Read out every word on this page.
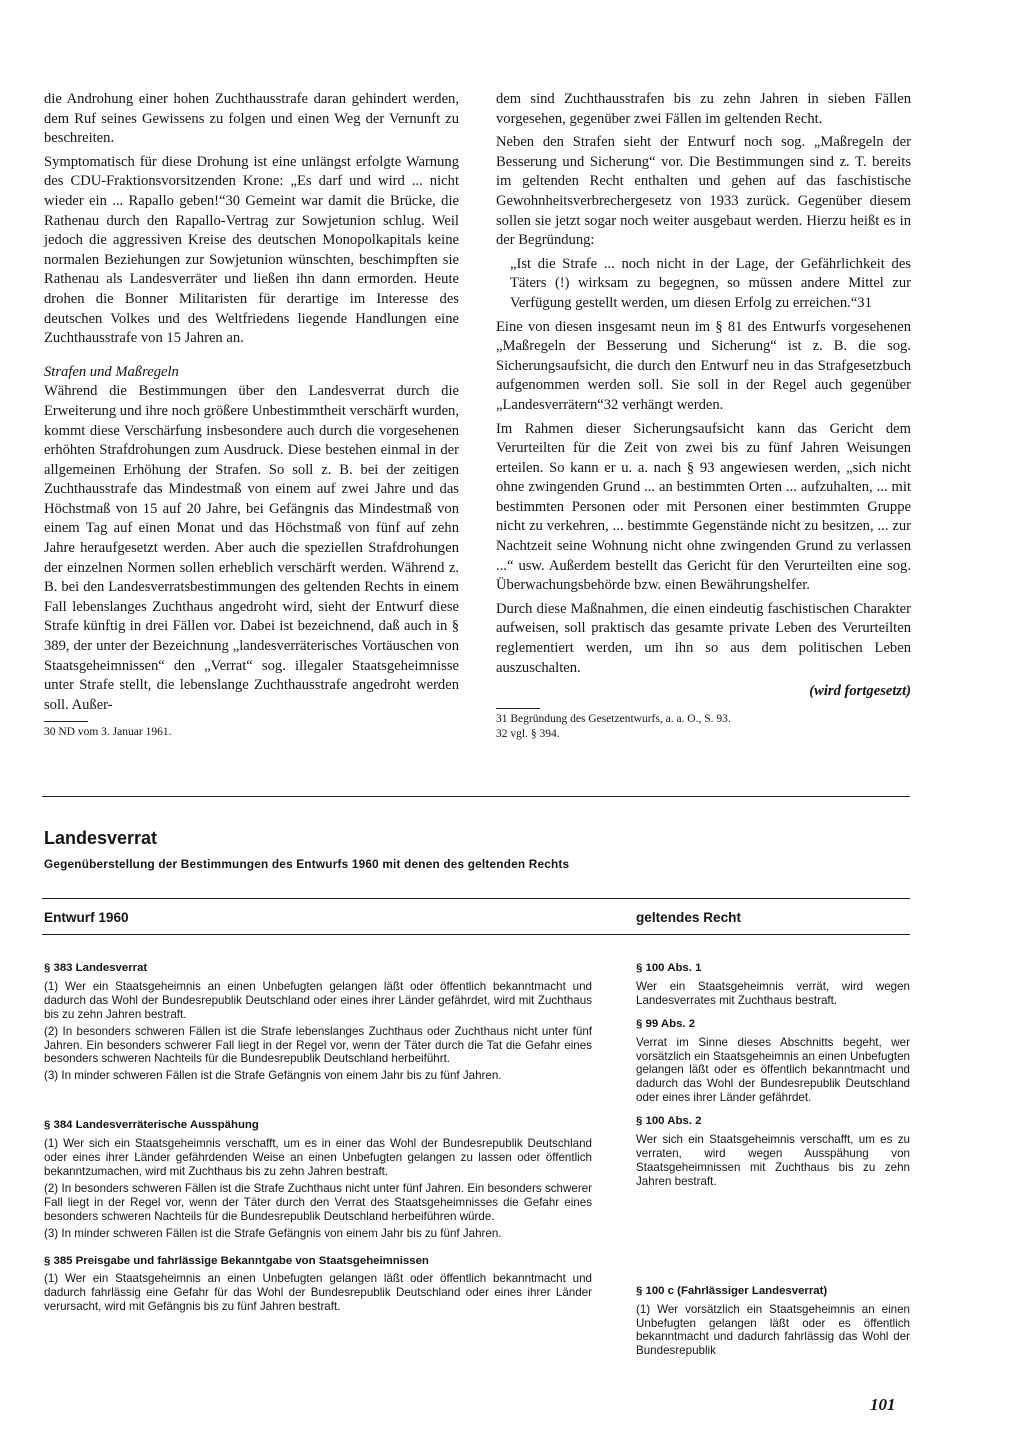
die Androhung einer hohen Zuchthausstrafe daran gehindert werden, dem Ruf seines Gewissens zu folgen und einen Weg der Vernunft zu beschreiten.

Symptomatisch für diese Drohung ist eine unlängst erfolgte Warnung des CDU-Fraktionsvorsitzenden Krone: „Es darf und wird ... nicht wieder ein ... Rapallo geben!“30 Gemeint war damit die Brücke, die Rathenau durch den Rapallo-Vertrag zur Sowjetunion schlug. Weil jedoch die aggressiven Kreise des deutschen Monopolkapitals keine normalen Beziehungen zur Sowjetunion wünschten, beschimpften sie Rathenau als Landesverräter und ließen ihn dann ermorden. Heute drohen die Bonner Militaristen für derartige im Interesse des deutschen Volkes und des Weltfriedens liegende Handlungen eine Zuchthausstrafe von 15 Jahren an.

Strafen und Maßregeln

Während die Bestimmungen über den Landesverrat durch die Erweiterung und ihre noch größere Unbestimmtheit verschärft wurden, kommt diese Verschärfung insbesondere auch durch die vorgesehenen erhöhten Strafdrohungen zum Ausdruck. Diese bestehen einmal in der allgemeinen Erhöhung der Strafen. So soll z. B. bei der zeitigen Zuchthausstrafe das Mindestmaß von einem auf zwei Jahre und das Höchstmaß von 15 auf 20 Jahre, bei Gefängnis das Mindestmaß von einem Tag auf einen Monat und das Höchstmaß von fünf auf zehn Jahre heraufgesetzt werden. Aber auch die speziellen Strafdrohungen der einzelnen Normen sollen erheblich verschärft werden. Während z. B. bei den Landesverratsbestimmungen des geltenden Rechts in einem Fall lebenslanges Zuchthaus angedroht wird, sieht der Entwurf diese Strafe künftig in drei Fällen vor. Dabei ist bezeichnend, daß auch in § 389, der unter der Bezeichnung „landesverräterisches Vortäuschen von Staatsgeheimnissen“ den „Verrat“ sog. illegaler Staatsgeheimnisse unter Strafe stellt, die lebenslange Zuchthausstrafe angedroht werden soll. Außer-

30 ND vom 3. Januar 1961.

dem sind Zuchthausstrafen bis zu zehn Jahren in sieben Fällen vorgesehen, gegenüber zwei Fällen im geltenden Recht.

Neben den Strafen sieht der Entwurf noch sog. „Maßregeln der Besserung und Sicherung“ vor. Die Bestimmungen sind z. T. bereits im geltenden Recht enthalten und gehen auf das faschistische Gewohnheitsverbrechergesetz von 1933 zurück. Gegenüber diesem sollen sie jetzt sogar noch weiter ausgebaut werden. Hierzu heißt es in der Begründung:

„Ist die Strafe ... noch nicht in der Lage, der Gefährlichkeit des Täters (!) wirksam zu begegnen, so müssen andere Mittel zur Verfügung gestellt werden, um diesen Erfolg zu erreichen.“31

Eine von diesen insgesamt neun im § 81 des Entwurfs vorgesehenen „Maßregeln der Besserung und Sicherung“ ist z. B. die sog. Sicherungsaufsicht, die durch den Entwurf neu in das Strafgesetzbuch aufgenommen werden soll. Sie soll in der Regel auch gegenüber „Landesverrätern“32 verhängt werden.

Im Rahmen dieser Sicherungsaufsicht kann das Gericht dem Verurteilten für die Zeit von zwei bis zu fünf Jahren Weisungen erteilen. So kann er u. a. nach § 93 angewiesen werden, „sich nicht ohne zwingenden Grund ... an bestimmten Orten ... aufzuhalten, ... mit bestimmten Personen oder mit Personen einer bestimmten Gruppe nicht zu verkehren, ... bestimmte Gegenstände nicht zu besitzen, ... zur Nachtzeit seine Wohnung nicht ohne zwingenden Grund zu verlassen ...“ usw. Außerdem bestellt das Gericht für den Verurteilten eine sog. Überwachungsbehörde bzw. einen Bewährungshelfer.

Durch diese Maßnahmen, die einen eindeutig faschistischen Charakter aufweisen, soll praktisch das gesamte private Leben des Verurteilten reglementiert werden, um ihn so aus dem politischen Leben auszuschalten.

(wird fortgesetzt)

31 Begründung des Gesetzentwurfs, a. a. O., S. 93.

32 vgl. § 394.

Landesverrat
Gegenüberstellung der Bestimmungen des Entwurfs 1960 mit denen des geltenden Rechts
Entwurf 1960	geltendes Recht

§ 383 Landesverrat

(1) Wer ein Staatsgeheimnis an einen Unbefugten gelangen läßt oder öffentlich bekanntmacht und dadurch das Wohl der Bundesrepublik Deutschland oder eines ihrer Länder gefährdet, wird mit Zuchthaus bis zu zehn Jahren bestraft.

(2) In besonders schweren Fällen ist die Strafe lebenslanges Zuchthaus oder Zuchthaus nicht unter fünf Jahren. Ein besonders schwerer Fall liegt in der Regel vor, wenn der Täter durch die Tat die Gefahr eines besonders schweren Nachteils für die Bundesrepublik Deutschland herbeiführt.

(3) In minder schweren Fällen ist die Strafe Gefängnis von einem Jahr bis zu fünf Jahren.

§ 384 Landesverräterische Ausspähung

(1) Wer sich ein Staatsgeheimnis verschafft, um es in einer das Wohl der Bundesrepublik Deutschland oder eines ihrer Länder gefährdenden Weise an einen Unbefugten gelangen zu lassen oder öffentlich bekanntzumachen, wird mit Zuchthaus bis zu zehn Jahren bestraft.

(2) In besonders schweren Fällen ist die Strafe Zuchthaus nicht unter fünf Jahren. Ein besonders schwerer Fall liegt in der Regel vor, wenn der Täter durch den Verrat des Staatsgeheimnisses die Gefahr eines besonders schweren Nachteils für die Bundesrepublik Deutschland herbeiführen würde.

(3) In minder schweren Fällen ist die Strafe Gefängnis von einem Jahr bis zu fünf Jahren.

§ 385 Preisgabe und fahrlässige Bekanntgabe von Staatsgeheimnissen

(1) Wer ein Staatsgeheimnis an einen Unbefugten gelangen läßt oder öffentlich bekanntmacht und dadurch fahrlässig eine Gefahr für das Wohl der Bundesrepublik Deutschland oder eines ihrer Länder verursacht, wird mit Gefängnis bis zu fünf Jahren bestraft.

§ 100 Abs. 1

Wer ein Staatsgeheimnis verrät, wird wegen Landesverrates mit Zuchthaus bestraft.

§ 99 Abs. 2

Verrat im Sinne dieses Abschnitts begeht, wer vorsätzlich ein Staatsgeheimnis an einen Unbefugten gelangen läßt oder es öffentlich bekanntmacht und dadurch das Wohl der Bundesrepublik Deutschland oder eines ihrer Länder gefährdet.

§ 100 Abs. 2

Wer sich ein Staatsgeheimnis verschafft, um es zu verraten, wird wegen Ausspähung von Staatsgeheimnissen mit Zuchthaus bis zu zehn Jahren bestraft.

§ 100 c (Fahrlässiger Landesverrat)

(1) Wer vorsätzlich ein Staatsgeheimnis an einen Unbefugten gelangen läßt oder es öffentlich bekanntmacht und dadurch fahrlässig das Wohl der Bundesrepublik

101
